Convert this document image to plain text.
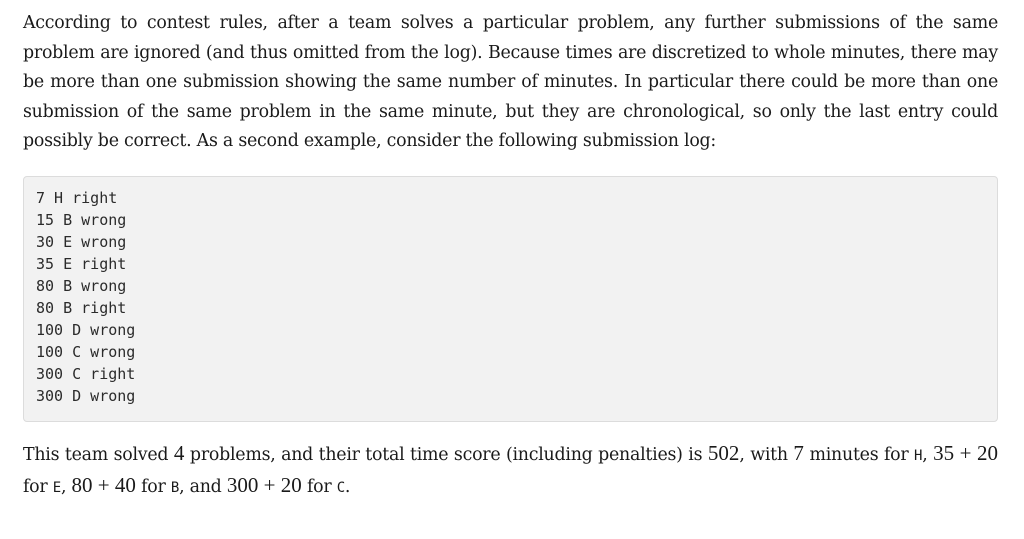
According to contest rules, after a team solves a particular problem, any further submissions of the same problem are ignored (and thus omitted from the log). Because times are discretized to whole minutes, there may be more than one submission showing the same number of minutes. In particular there could be more than one submission of the same problem in the same minute, but they are chronological, so only the last entry could possibly be correct. As a second example, consider the following submission log:

7 H right
15 B wrong
30 E wrong
35 E right
80 B wrong
80 B right
100 D wrong
100 C wrong
300 C right
300 D wrong

This team solved 4 problems, and their total time score (including penalties) is 502, with 7 minutes for H, 35 + 20 for E, 80 + 40 for B, and 300 + 20 for C.
